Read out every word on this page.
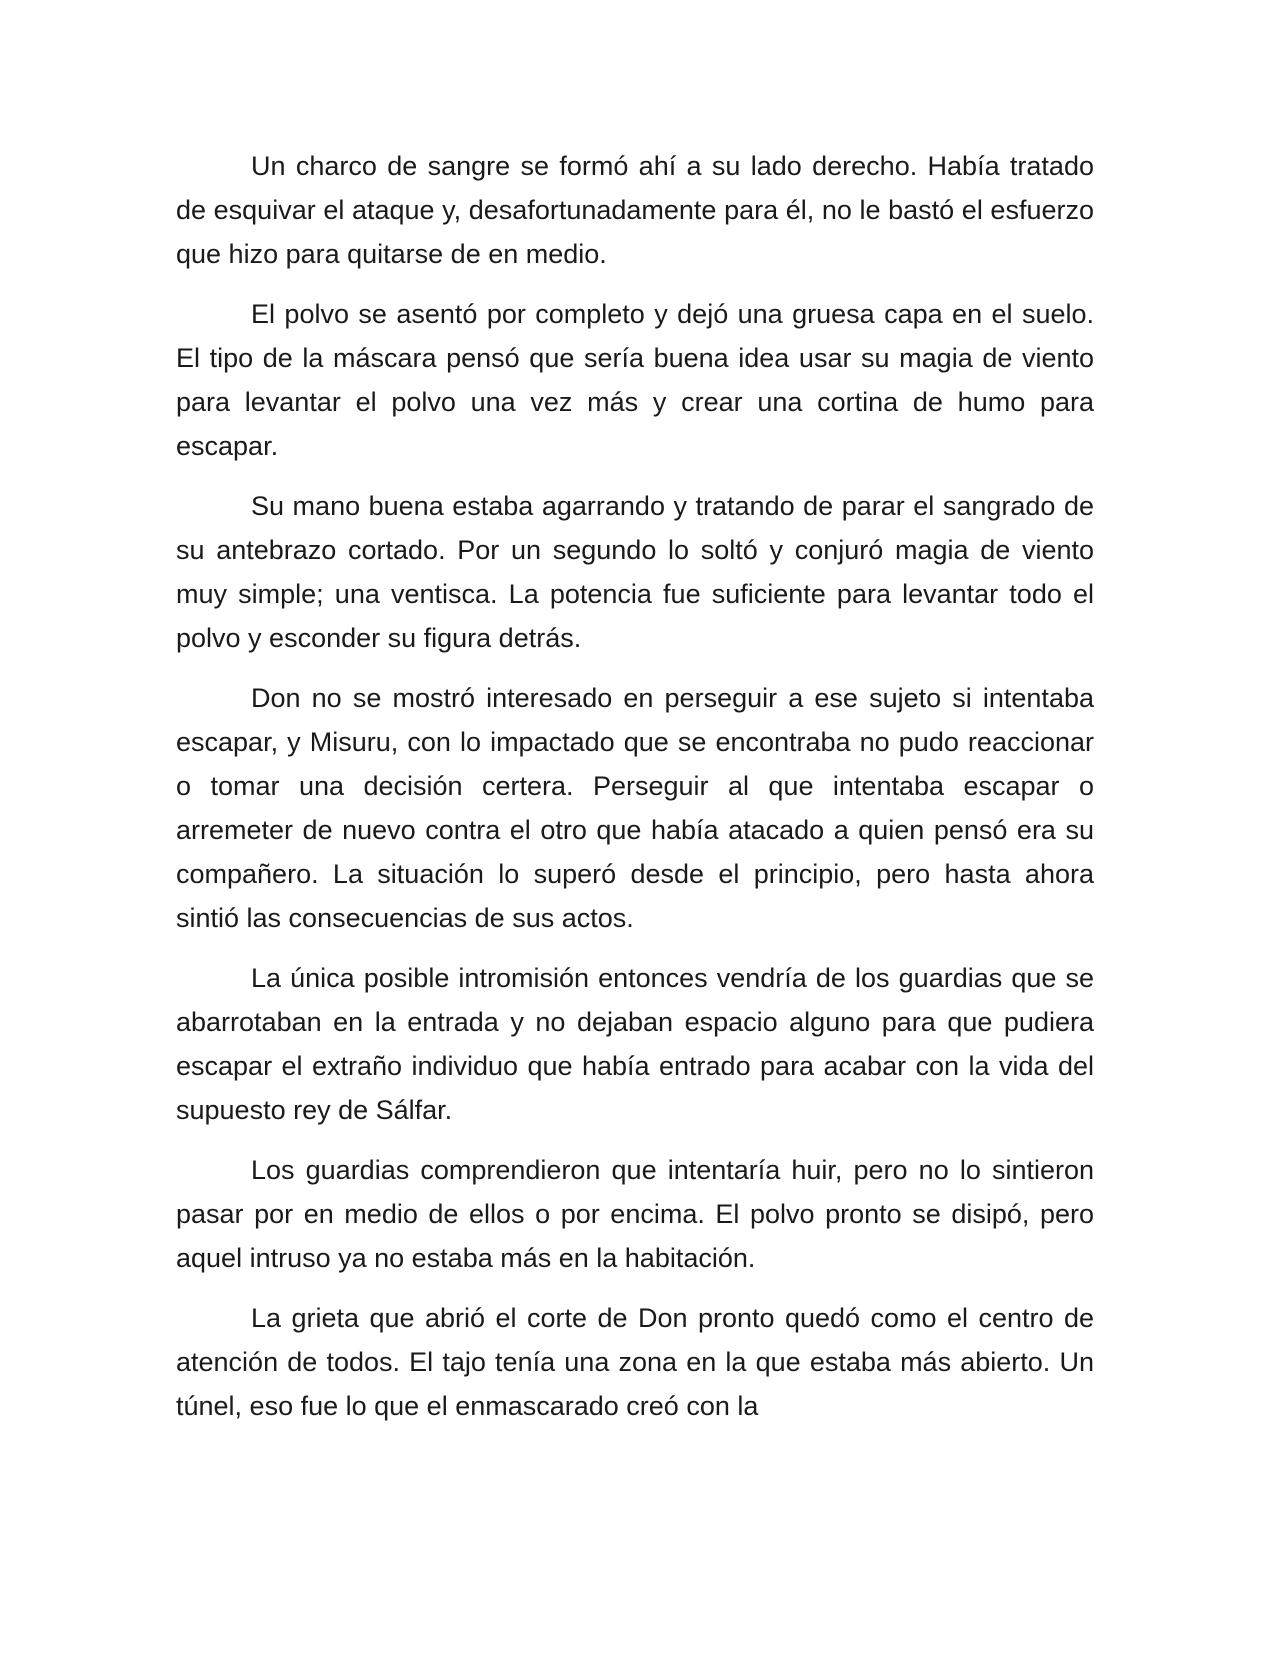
Un charco de sangre se formó ahí a su lado derecho. Había tratado de esquivar el ataque y, desafortunadamente para él, no le bastó el esfuerzo que hizo para quitarse de en medio.

El polvo se asentó por completo y dejó una gruesa capa en el suelo. El tipo de la máscara pensó que sería buena idea usar su magia de viento para levantar el polvo una vez más y crear una cortina de humo para escapar.

Su mano buena estaba agarrando y tratando de parar el sangrado de su antebrazo cortado. Por un segundo lo soltó y conjuró magia de viento muy simple; una ventisca. La potencia fue suficiente para levantar todo el polvo y esconder su figura detrás.

Don no se mostró interesado en perseguir a ese sujeto si intentaba escapar, y Misuru, con lo impactado que se encontraba no pudo reaccionar o tomar una decisión certera. Perseguir al que intentaba escapar o arremeter de nuevo contra el otro que había atacado a quien pensó era su compañero. La situación lo superó desde el principio, pero hasta ahora sintió las consecuencias de sus actos.

La única posible intromisión entonces vendría de los guardias que se abarrotaban en la entrada y no dejaban espacio alguno para que pudiera escapar el extraño individuo que había entrado para acabar con la vida del supuesto rey de Sálfar.

Los guardias comprendieron que intentaría huir, pero no lo sintieron pasar por en medio de ellos o por encima. El polvo pronto se disipó, pero aquel intruso ya no estaba más en la habitación.

La grieta que abrió el corte de Don pronto quedó como el centro de atención de todos. El tajo tenía una zona en la que estaba más abierto. Un túnel, eso fue lo que el enmascarado creó con la
